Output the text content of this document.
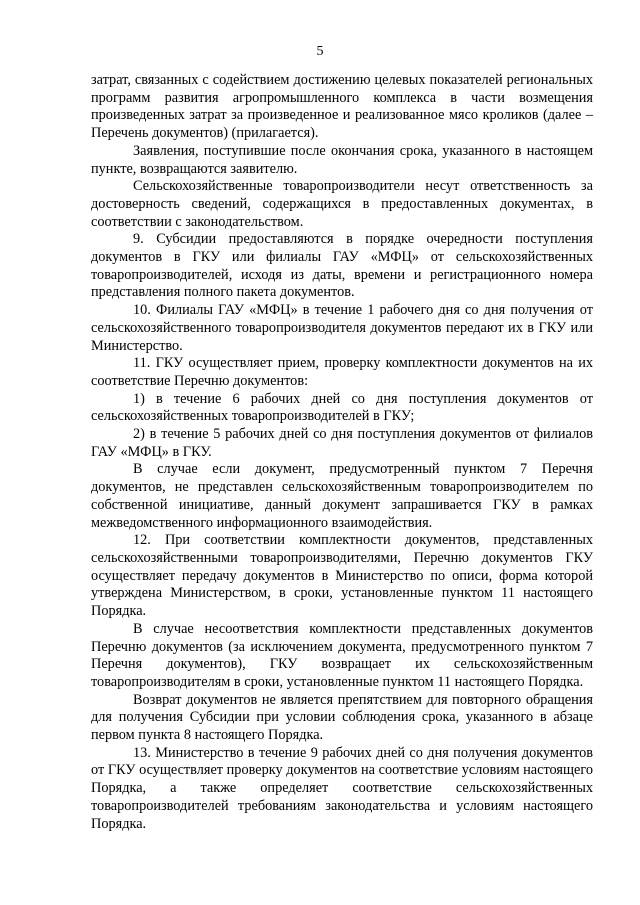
5

затрат, связанных с содействием достижению целевых показателей региональных программ развития агропромышленного комплекса в части возмещения произведенных затрат за произведенное и реализованное мясо кроликов (далее – Перечень документов) (прилагается).

Заявления, поступившие после окончания срока, указанного в настоящем пункте, возвращаются заявителю.

Сельскохозяйственные товаропроизводители несут ответственность за достоверность сведений, содержащихся в предоставленных документах, в соответствии с законодательством.

9. Субсидии предоставляются в порядке очередности поступления документов в ГКУ или филиалы ГАУ «МФЦ» от сельскохозяйственных товаропроизводителей, исходя из даты, времени и регистрационного номера представления полного пакета документов.

10. Филиалы ГАУ «МФЦ» в течение 1 рабочего дня со дня получения от сельскохозяйственного товаропроизводителя документов передают их в ГКУ или Министерство.

11. ГКУ осуществляет прием, проверку комплектности документов на их соответствие Перечню документов:

1) в течение 6 рабочих дней со дня поступления документов от сельскохозяйственных товаропроизводителей в ГКУ;

2) в течение 5 рабочих дней со дня поступления документов от филиалов ГАУ «МФЦ» в ГКУ.

В случае если документ, предусмотренный пунктом 7 Перечня документов, не представлен сельскохозяйственным товаропроизводителем по собственной инициативе, данный документ запрашивается ГКУ в рамках межведомственного информационного взаимодействия.

12. При соответствии комплектности документов, представленных сельскохозяйственными товаропроизводителями, Перечню документов ГКУ осуществляет передачу документов в Министерство по описи, форма которой утверждена Министерством, в сроки, установленные пунктом 11 настоящего Порядка.

В случае несоответствия комплектности представленных документов Перечню документов (за исключением документа, предусмотренного пунктом 7 Перечня документов), ГКУ возвращает их сельскохозяйственным товаропроизводителям в сроки, установленные пунктом 11 настоящего Порядка.

Возврат документов не является препятствием для повторного обращения для получения Субсидии при условии соблюдения срока, указанного в абзаце первом пункта 8 настоящего Порядка.

13. Министерство в течение 9 рабочих дней со дня получения документов от ГКУ осуществляет проверку документов на соответствие условиям настоящего Порядка, а также определяет соответствие сельскохозяйственных товаропроизводителей требованиям законодательства и условиям настоящего Порядка.
